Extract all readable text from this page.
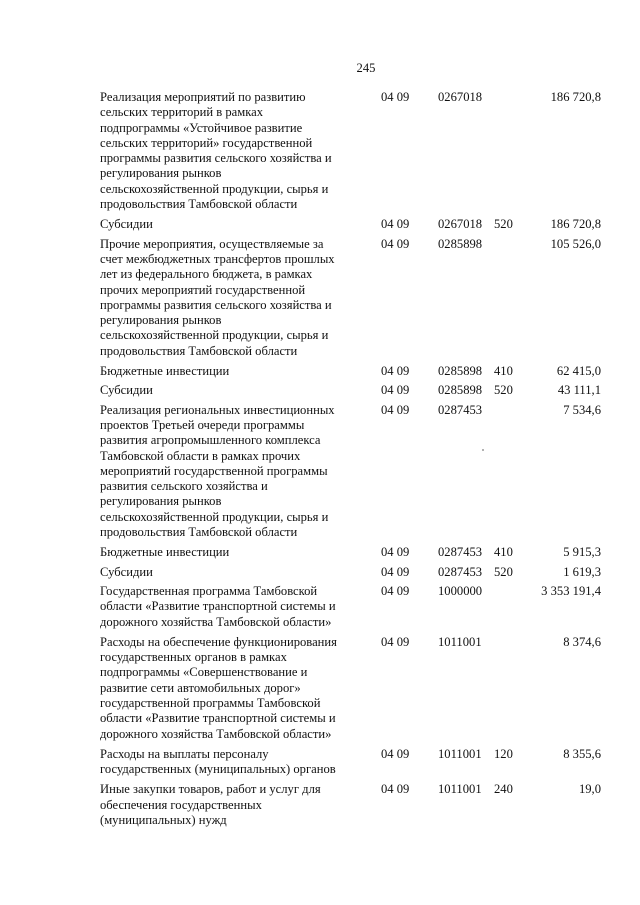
245
Реализация мероприятий по развитию
сельских территорий в рамках
подпрограммы «Устойчивое развитие
сельских территорий» государственной
программы развития сельского хозяйства и
регулирования рынков
сельскохозяйственной продукции, сырья и
продовольствия Тамбовской области
04 09 0267018	186 720,8
Субсидии	04 09 0267018 520	186 720,8
Прочие мероприятия, осуществляемые за
счет межбюджетных трансфертов прошлых
лет из федерального бюджета, в рамках
прочих мероприятий государственной
программы развития сельского хозяйства и
регулирования рынков
сельскохозяйственной продукции, сырья и
продовольствия Тамбовской области
04 09 0285898	105 526,0
Бюджетные инвестиции	04 09 0285898 410	62 415,0
Субсидии	04 09 0285898 520	43 111,1
Реализация региональных инвестиционных
проектов Третьей очереди программы
развития агропромышленного комплекса
Тамбовской области в рамках прочих
мероприятий государственной программы
развития сельского хозяйства и
регулирования рынков
сельскохозяйственной продукции, сырья и
продовольствия Тамбовской области
04 09 0287453	7 534,6
Бюджетные инвестиции	04 09 0287453 410	5 915,3
Субсидии	04 09 0287453 520	1 619,3
Государственная программа Тамбовской
области «Развитие транспортной системы и
дорожного хозяйства Тамбовской области»
04 09 1000000	3 353 191,4
Расходы на обеспечение функционирования
государственных органов в рамках
подпрограммы «Совершенствование и
развитие сети автомобильных дорог»
государственной программы Тамбовской
области «Развитие транспортной системы и
дорожного хозяйства Тамбовской области»
04 09 1011001	8 374,6
Расходы на выплаты персоналу
государственных (муниципальных) органов
04 09 1011001 120	8 355,6
Иные закупки товаров, работ и услуг для
обеспечения государственных
(муниципальных) нужд
04 09 1011001 240	19,0
